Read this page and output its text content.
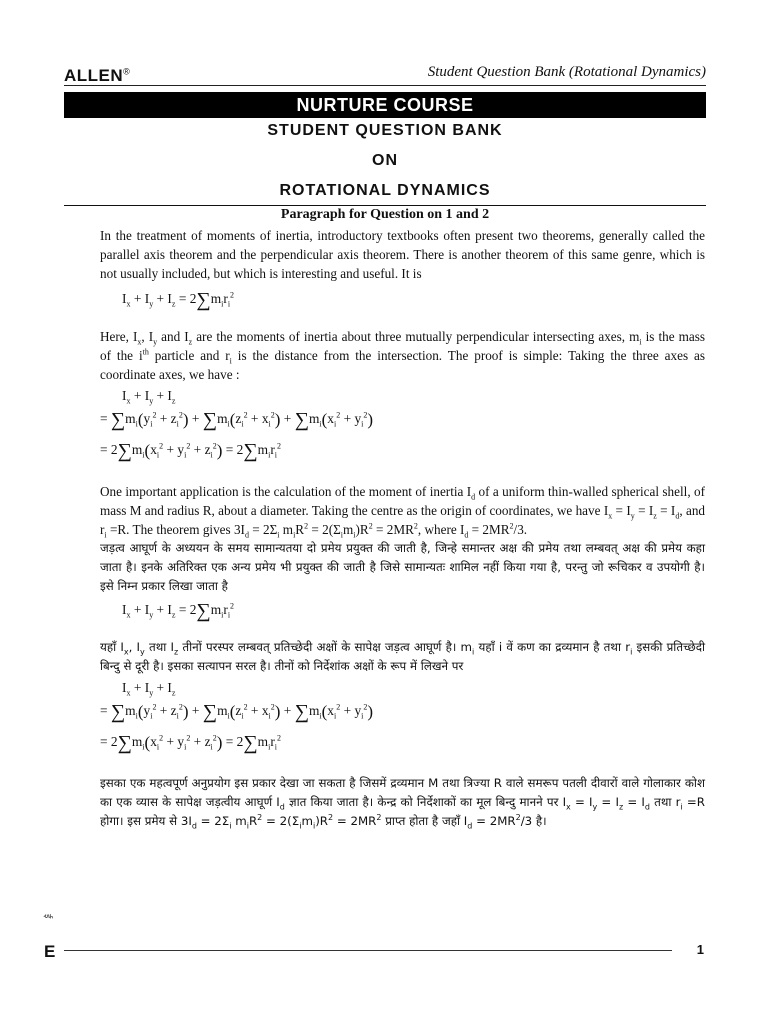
ALLEN®	Student Question Bank (Rotational Dynamics)
NURTURE COURSE
STUDENT QUESTION BANK
ON
ROTATIONAL DYNAMICS
Paragraph for Question on 1 and 2

In the treatment of moments of inertia, introductory textbooks often present two theorems, generally called the parallel axis theorem and the perpendicular axis theorem. There is another theorem of this same genre, which is not usually included, but which is interesting and useful. It is

$I_x + I_y + I_z = 2\sum m_ir_i^2$

Here, $I_x$, $I_y$ and $I_z$ are the moments of inertia about three mutually perpendicular intersecting axes, $m_i$ is the mass of the $i^{th}$ particle and $r_i$ is the distance from the intersection. The proof is simple: Taking the three axes as coordinate axes, we have :

$I_x + I_y + I_z$
= $\sum m_i(y_i^2 + z_i^2) + \sum m_i(z_i^2 + x_i^2) + \sum m_i(x_i^2 + y_i^2)$
= $2\sum m_i(x_i^2 + y_i^2 + z_i^2) = 2\sum m_ir_i^2$

One important application is the calculation of the moment of inertia $I_d$ of a uniform thin-walled spherical shell, of mass M and radius R, about a diameter. Taking the centre as the origin of coordinates, we have $I_x = I_y = I_z = I_d$, and $r_i =R$. The theorem gives $3I_d = 2\Sigma_i$ $m_iR^2 = 2(\Sigma_im_i)R^2 = 2MR^2$, where $I_d = 2MR^2/3$.

जड़त्व आघूर्ण के अध्ययन के समय सामान्यतया दो प्रमेय प्रयुक्त की जाती है, जिन्हे समान्तर अक्ष की प्रमेय तथा लम्बवत् अक्ष की प्रमेय कहा जाता है। इनके अतिरिक्त एक अन्य प्रमेय भी प्रयुक्त की जाती है जिसे सामान्यतः शामिल नहीं किया गया है, परन्तु जो रूचिकर व उपयोगी है। इसे निम्न प्रकार लिखा जाता है

$I_x + I_y + I_z = 2\sum m_ir_i^2$

यहाँ $I_x$, $I_y$ तथा $I_z$ तीनों परस्पर लम्बवत् प्रतिच्छेदी अक्षों के सापेक्ष जड़त्व आघूर्ण है। $m_i$ यहाँ i वें कण का द्रव्यमान है तथा $r_i$ इसकी प्रतिच्छेदी बिन्दु से दूरी है। इसका सत्यापन सरल है। तीनों को निर्देशांक अक्षों के रूप में लिखने पर

$I_x + I_y + I_z$
= $\sum m_i(y_i^2 + z_i^2) + \sum m_i(z_i^2 + x_i^2) + \sum m_i(x_i^2 + y_i^2)$
= $2\sum m_i(x_i^2 + y_i^2 + z_i^2) = 2\sum m_ir_i^2$

इसका एक महत्वपूर्ण अनुप्रयोग इस प्रकार देखा जा सकता है जिसमें द्रव्यमान M तथा त्रिज्या R वाले समरूप पतली दीवारों वाले गोलाकार कोश का एक व्यास के सापेक्ष जड़त्वीय आघूर्ण $I_d$ ज्ञात किया जाता है। केन्द्र को निर्देशाकों का मूल बिन्दु मानने पर $I_x = I_y = I_z = I_d$ तथा $r_i =R$ होगा। इस प्रमेय से $3I_d = 2\Sigma_i$ $m_iR^2 = 2(\Sigma_im_i)R^2 = 2MR^2$ प्राप्त होता है जहाँ $I_d = 2MR^2/3$ है।

ई
E	1
